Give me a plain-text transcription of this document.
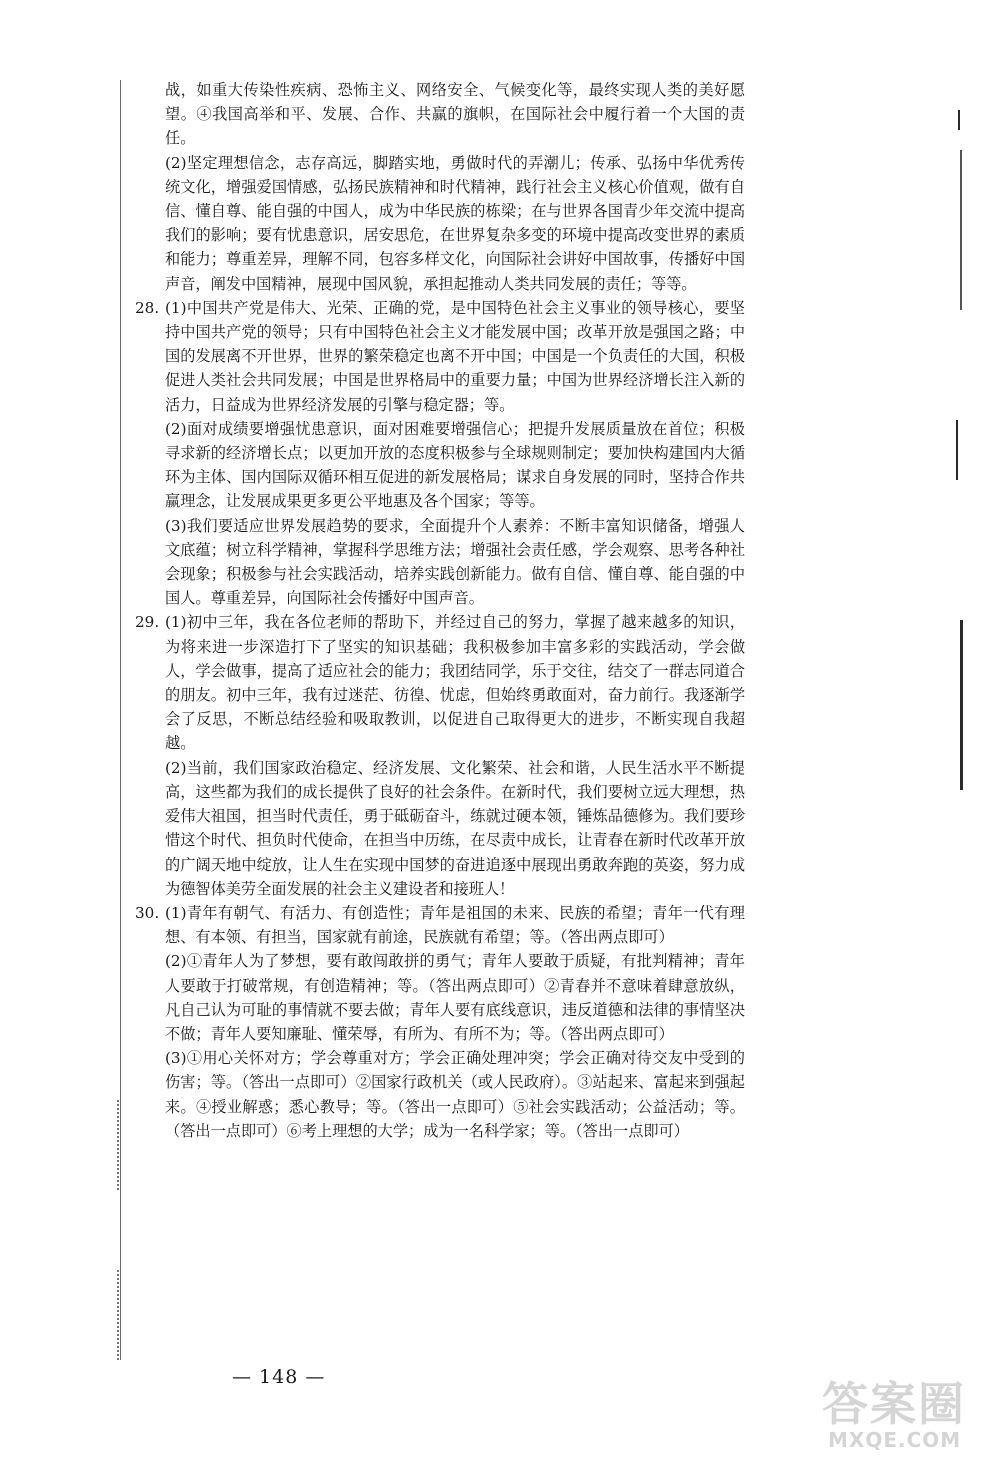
战，如重大传染性疾病、恐怖主义、网络安全、气候变化等，最终实现人类的美好愿望。④我国高举和平、发展、合作、共赢的旗帜，在国际社会中履行着一个大国的责任。

(2)坚定理想信念，志存高远，脚踏实地，勇做时代的弄潮儿；传承、弘扬中华优秀传统文化，增强爱国情感，弘扬民族精神和时代精神，践行社会主义核心价值观，做有自信、懂自尊、能自强的中国人，成为中华民族的栋梁；在与世界各国青少年交流中提高我们的影响；要有忧患意识，居安思危，在世界复杂多变的环境中提高改变世界的素质和能力；尊重差异，理解不同，包容多样文化，向国际社会讲好中国故事，传播好中国声音，阐发中国精神，展现中国风貌，承担起推动人类共同发展的责任；等等。

28. (1)中国共产党是伟大、光荣、正确的党，是中国特色社会主义事业的领导核心，要坚持中国共产党的领导；只有中国特色社会主义才能发展中国；改革开放是强国之路；中国的发展离不开世界，世界的繁荣稳定也离不开中国；中国是一个负责任的大国，积极促进人类社会共同发展；中国是世界格局中的重要力量；中国为世界经济增长注入新的活力，日益成为世界经济发展的引擎与稳定器；等。

(2)面对成绩要增强忧患意识，面对困难要增强信心；把提升发展质量放在首位；积极寻求新的经济增长点；以更加开放的态度积极参与全球规则制定；要加快构建国内大循环为主体、国内国际双循环相互促进的新发展格局；谋求自身发展的同时，坚持合作共赢理念，让发展成果更多更公平地惠及各个国家；等等。

(3)我们要适应世界发展趋势的要求，全面提升个人素养：不断丰富知识储备，增强人文底蕴；树立科学精神，掌握科学思维方法；增强社会责任感，学会观察、思考各种社会现象；积极参与社会实践活动，培养实践创新能力。做有自信、懂自尊、能自强的中国人。尊重差异，向国际社会传播好中国声音。

29. (1)初中三年，我在各位老师的帮助下，并经过自己的努力，掌握了越来越多的知识，为将来进一步深造打下了坚实的知识基础；我积极参加丰富多彩的实践活动，学会做人，学会做事，提高了适应社会的能力；我团结同学，乐于交往，结交了一群志同道合的朋友。初中三年，我有过迷茫、彷徨、忧虑，但始终勇敢面对，奋力前行。我逐渐学会了反思，不断总结经验和吸取教训，以促进自己取得更大的进步，不断实现自我超越。

(2)当前，我们国家政治稳定、经济发展、文化繁荣、社会和谐，人民生活水平不断提高，这些都为我们的成长提供了良好的社会条件。在新时代，我们要树立远大理想，热爱伟大祖国，担当时代责任，勇于砥砺奋斗，练就过硬本领，锤炼品德修为。我们要珍惜这个时代、担负时代使命，在担当中历练，在尽责中成长，让青春在新时代改革开放的广阔天地中绽放，让人生在实现中国梦的奋进追逐中展现出勇敢奔跑的英姿，努力成为德智体美劳全面发展的社会主义建设者和接班人！

30. (1)青年有朝气、有活力、有创造性；青年是祖国的未来、民族的希望；青年一代有理想、有本领、有担当，国家就有前途，民族就有希望；等。（答出两点即可）

(2)①青年人为了梦想，要有敢闯敢拼的勇气；青年人要敢于质疑，有批判精神；青年人要敢于打破常规，有创造精神；等。（答出两点即可）②青春并不意味着肆意放纵，凡自己认为可耻的事情就不要去做；青年人要有底线意识，违反道德和法律的事情坚决不做；青年人要知廉耻、懂荣辱，有所为、有所不为；等。（答出两点即可）

(3)①用心关怀对方；学会尊重对方；学会正确处理冲突；学会正确对待交友中受到的伤害；等。（答出一点即可）②国家行政机关（或人民政府）。③站起来、富起来到强起来。④授业解惑；悉心教导；等。（答出一点即可）⑤社会实践活动；公益活动；等。（答出一点即可）⑥考上理想的大学；成为一名科学家；等。（答出一点即可）

— 148 —	答案圈
MXQE.COM
